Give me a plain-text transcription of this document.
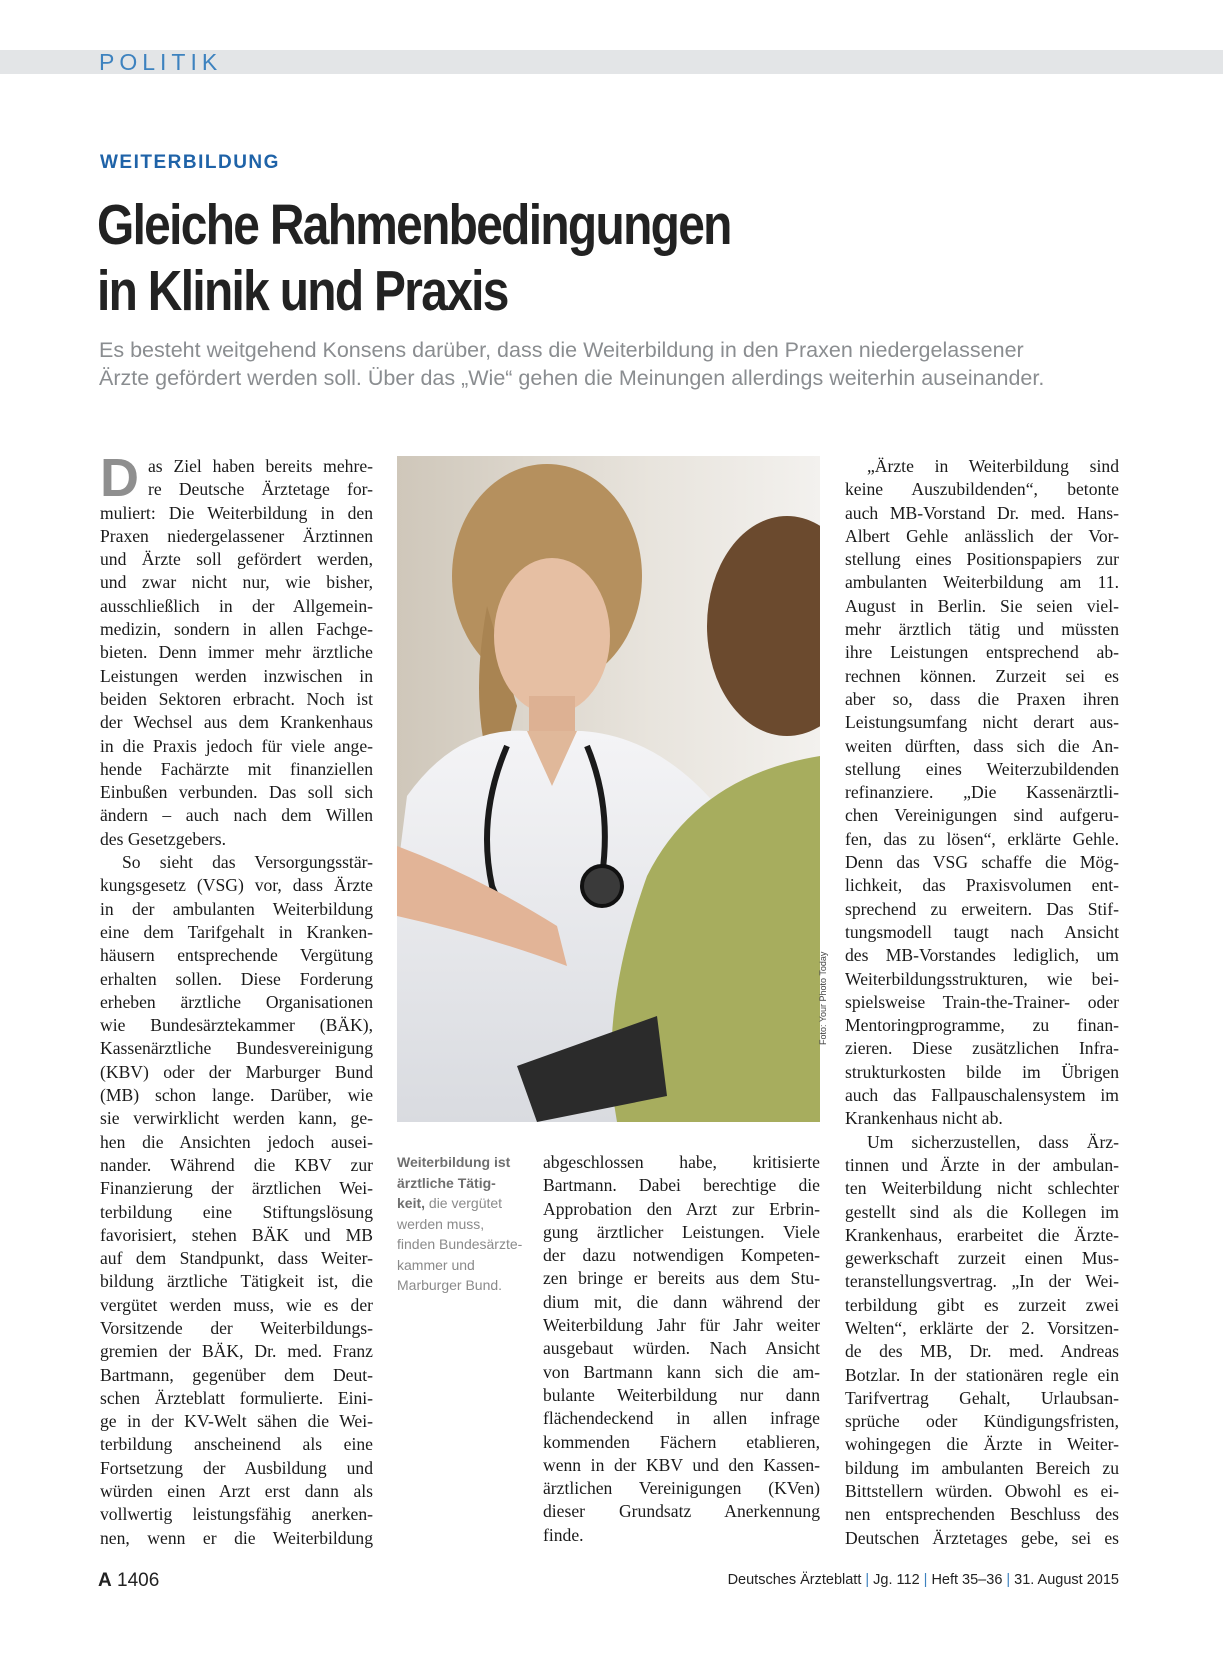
POLITIK
WEITERBILDUNG
Gleiche Rahmenbedingungen
in Klinik und Praxis
Es besteht weitgehend Konsens darüber, dass die Weiterbildung in den Praxen niedergelassener
Ärzte gefördert werden soll. Über das „Wie“ gehen die Meinungen allerdings weiterhin auseinander.
D as Ziel haben bereits mehre-
re Deutsche Ärztetage for-
muliert: Die Weiterbildung in den
Praxen niedergelassener Ärztinnen
und Ärzte soll gefördert werden,
und zwar nicht nur, wie bisher,
ausschließlich in der Allgemein-
medizin, sondern in allen Fachge-
bieten. Denn immer mehr ärztliche
Leistungen werden inzwischen in
beiden Sektoren erbracht. Noch ist
der Wechsel aus dem Krankenhaus
in die Praxis jedoch für viele ange-
hende Fachärzte mit finanziellen
Einbußen verbunden. Das soll sich
ändern – auch nach dem Willen
des Gesetzgebers.
So sieht das Versorgungsstär-
kungsgesetz (VSG) vor, dass Ärzte
in der ambulanten Weiterbildung
eine dem Tarifgehalt in Kranken-
häusern entsprechende Vergütung
erhalten sollen. Diese Forderung
erheben ärztliche Organisationen
wie Bundesärztekammer (BÄK),
Kassenärztliche Bundesvereinigung
(KBV) oder der Marburger Bund
(MB) schon lange. Darüber, wie
sie verwirklicht werden kann, ge-
hen die Ansichten jedoch ausei-
nander. Während die KBV zur
Finanzierung der ärztlichen Wei-
terbildung eine Stiftungslösung
favorisiert, stehen BÄK und MB
auf dem Standpunkt, dass Weiter-
bildung ärztliche Tätigkeit ist, die
vergütet werden muss, wie es der
Vorsitzende der Weiterbildungs-
gremien der BÄK, Dr. med. Franz
Bartmann, gegenüber dem Deut-
schen Ärzteblatt formulierte. Eini-
ge in der KV-Welt sähen die Wei-
terbildung anscheinend als eine
Fortsetzung der Ausbildung und
würden einen Arzt erst dann als
vollwertig leistungsfähig anerken-
nen, wenn er die Weiterbildung
Foto: Your Photo Today
Weiterbildung ist
ärztliche Tätig-
keit, die vergütet
werden muss,
finden Bundesärzte-
kammer und
Marburger Bund.
abgeschlossen habe, kritisierte
Bartmann. Dabei berechtige die
Approbation den Arzt zur Erbrin-
gung ärztlicher Leistungen. Viele
der dazu notwendigen Kompeten-
zen bringe er bereits aus dem Stu-
dium mit, die dann während der
Weiterbildung Jahr für Jahr weiter
ausgebaut würden. Nach Ansicht
von Bartmann kann sich die am-
bulante Weiterbildung nur dann
flächendeckend in allen infrage
kommenden Fächern etablieren,
wenn in der KBV und den Kassen-
ärztlichen Vereinigungen (KVen)
dieser Grundsatz Anerkennung
finde.
„Ärzte in Weiterbildung sind
keine Auszubildenden“, betonte
auch MB-Vorstand Dr. med. Hans-
Albert Gehle anlässlich der Vor-
stellung eines Positionspapiers zur
ambulanten Weiterbildung am 11.
August in Berlin. Sie seien viel-
mehr ärztlich tätig und müssten
ihre Leistungen entsprechend ab-
rechnen können. Zurzeit sei es
aber so, dass die Praxen ihren
Leistungsumfang nicht derart aus-
weiten dürften, dass sich die An-
stellung eines Weiterzubildenden
refinanziere. „Die Kassenärztli-
chen Vereinigungen sind aufgeru-
fen, das zu lösen“, erklärte Gehle.
Denn das VSG schaffe die Mög-
lichkeit, das Praxisvolumen ent-
sprechend zu erweitern. Das Stif-
tungsmodell taugt nach Ansicht
des MB-Vorstandes lediglich, um
Weiterbildungsstrukturen, wie bei-
spielsweise Train-the-Trainer- oder
Mentoringprogramme, zu finan-
zieren. Diese zusätzlichen Infra-
strukturkosten bilde im Übrigen
auch das Fallpauschalensystem im
Krankenhaus nicht ab.
Um sicherzustellen, dass Ärz-
tinnen und Ärzte in der ambulan-
ten Weiterbildung nicht schlechter
gestellt sind als die Kollegen im
Krankenhaus, erarbeitet die Ärzte-
gewerkschaft zurzeit einen Mus-
teranstellungsvertrag. „In der Wei-
terbildung gibt es zurzeit zwei
Welten“, erklärte der 2. Vorsitzen-
de des MB, Dr. med. Andreas
Botzlar. In der stationären regle ein
Tarifvertrag Gehalt, Urlaubsan-
sprüche oder Kündigungsfristen,
wohingegen die Ärzte in Weiter-
bildung im ambulanten Bereich zu
Bittstellern würden. Obwohl es ei-
nen entsprechenden Beschluss des
Deutschen Ärztetages gebe, sei es
A 1406	Deutsches Ärzteblatt | Jg. 112 | Heft 35–36 | 31. August 2015
